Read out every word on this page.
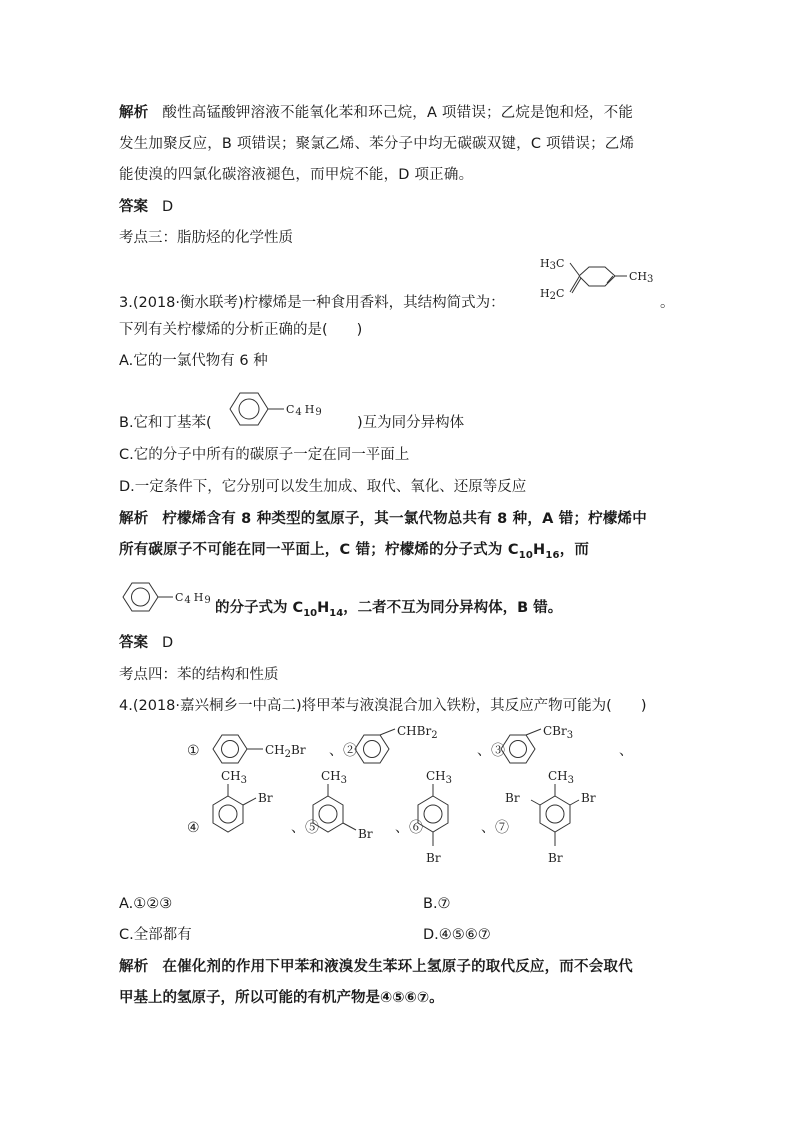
解析 酸性高锰酸钾溶液不能氧化苯和环己烷，A 项错误；乙烷是饱和烃，不能
发生加聚反应，B 项错误；聚氯乙烯、苯分子中均无碳碳双键，C 项错误；乙烯
能使溴的四氯化碳溶液褪色，而甲烷不能，D 项正确。
答案 D
考点三：脂肪烃的化学性质
3.(2018·衡水联考)柠檬烯是一种食用香料，其结构简式为：
H3C
H2C
CH3
。
下列有关柠檬烯的分析正确的是(　　)
A.它的一氯代物有 6 种
B.它和丁基苯(
C4 H9
)互为同分异构体
C.它的分子中所有的碳原子一定在同一平面上
D.一定条件下，它分别可以发生加成、取代、氧化、还原等反应
解析 柠檬烯含有 8 种类型的氢原子，其一氯代物总共有 8 种，A 错；柠檬烯中
所有碳原子不可能在同一平面上，C 错；柠檬烯的分子式为 $C_{10}H_{16}$，而
C4 H9 的分子式为 $C_{10}H_{14}$，二者不互为同分异构体，B 错。
答案 D
考点四：苯的结构和性质
4.(2018·嘉兴桐乡一中高二)将甲苯与液溴混合加入铁粉，其反应产物可能为(　　)
①	、②	、③	、
$CH_2Br$
CHBr$_2$	CBr$_3$
④	、⑤	、⑥	、⑦
$CH_3$
Br
$CH_3$
Br
$CH_3$
Br
$CH_3$
Br	Br
Br
A.①②③	B.⑦
C.全部都有	D.④⑤⑥⑦
解析 在催化剂的作用下甲苯和液溴发生苯环上氢原子的取代反应，而不会取代
甲基上的氢原子，所以可能的有机产物是④⑤⑥⑦。
